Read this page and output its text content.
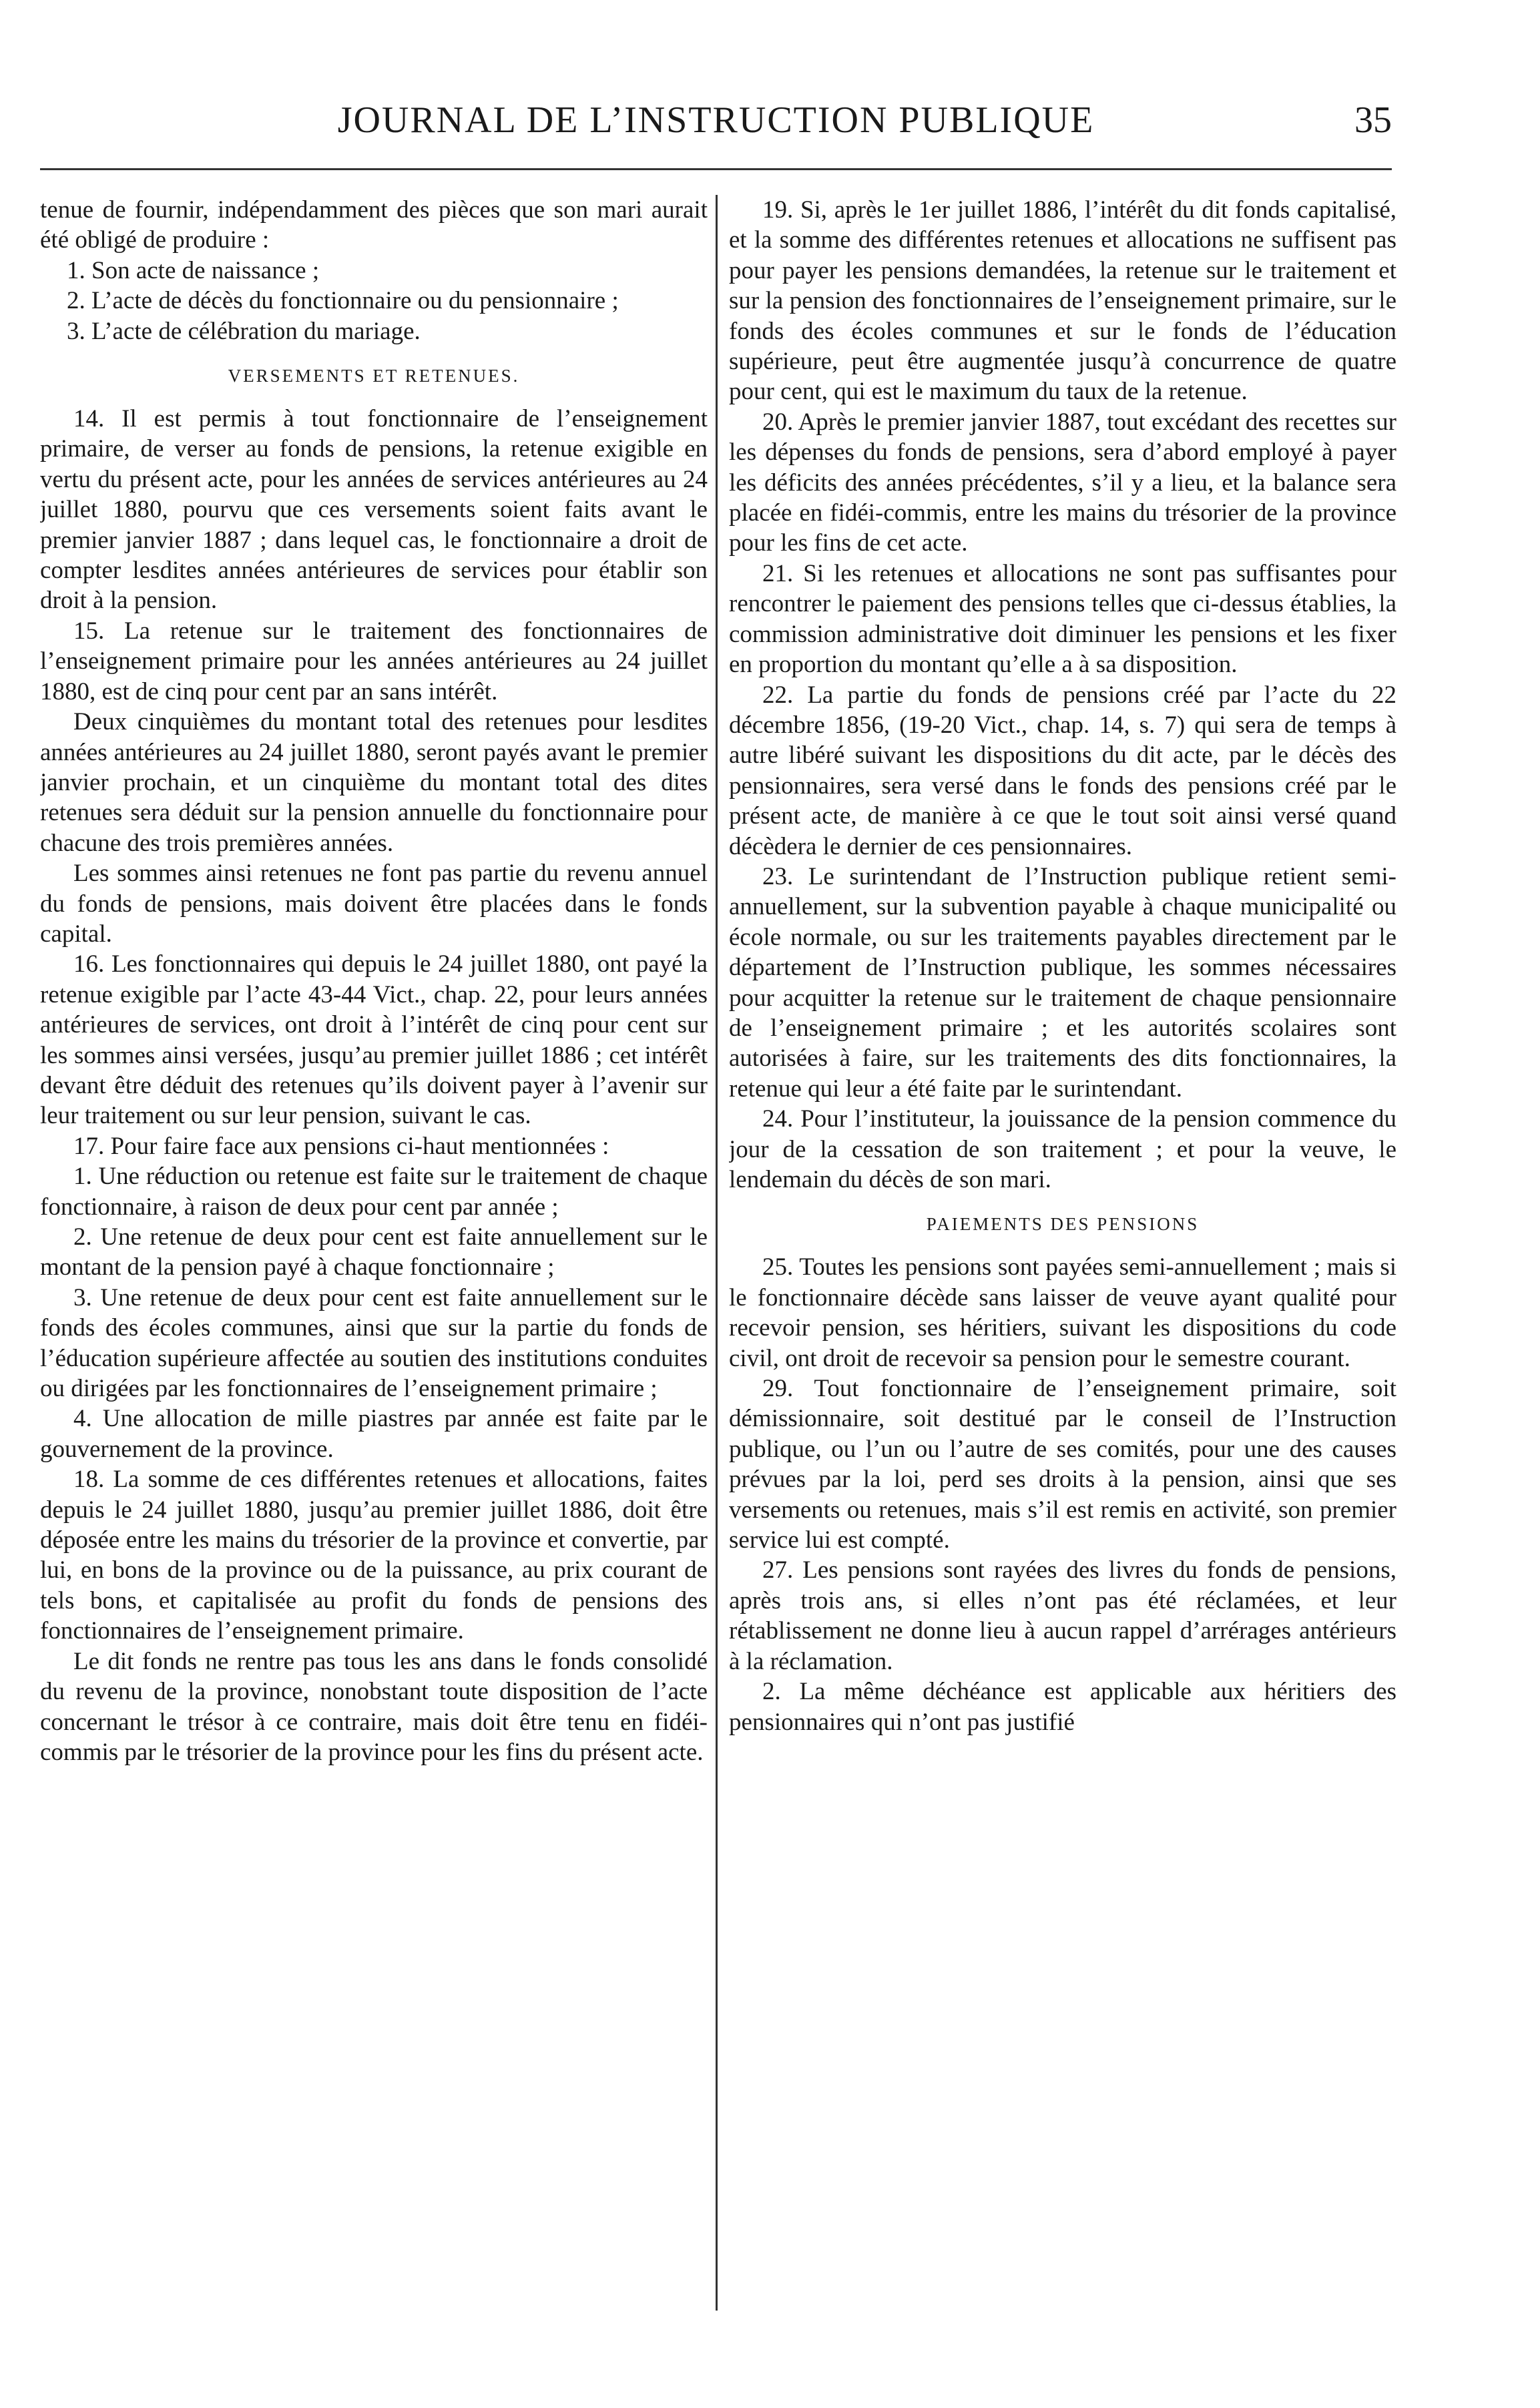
JOURNAL DE L’INSTRUCTION PUBLIQUE	35

tenue de fournir, indépendamment des pièces que son mari aurait été obligé de produire :

1. Son acte de naissance ;

2. L’acte de décès du fonctionnaire ou du pensionnaire ;

3. L’acte de célébration du mariage.

VERSEMENTS ET RETENUES.

14. Il est permis à tout fonctionnaire de l’enseignement primaire, de verser au fonds de pensions, la retenue exigible en vertu du présent acte, pour les années de services antérieures au 24 juillet 1880, pourvu que ces versements soient faits avant le premier janvier 1887 ; dans lequel cas, le fonctionnaire a droit de compter lesdites années antérieures de services pour établir son droit à la pension.

15. La retenue sur le traitement des fonctionnaires de l’enseignement primaire pour les années antérieures au 24 juillet 1880, est de cinq pour cent par an sans intérêt.

Deux cinquièmes du montant total des retenues pour lesdites années antérieures au 24 juillet 1880, seront payés avant le premier janvier prochain, et un cinquième du montant total des dites retenues sera déduit sur la pension annuelle du fonctionnaire pour chacune des trois premières années.

Les sommes ainsi retenues ne font pas partie du revenu annuel du fonds de pensions, mais doivent être placées dans le fonds capital.

16. Les fonctionnaires qui depuis le 24 juillet 1880, ont payé la retenue exigible par l’acte 43-44 Vict., chap. 22, pour leurs années antérieures de services, ont droit à l’intérêt de cinq pour cent sur les sommes ainsi versées, jusqu’au premier juillet 1886 ; cet intérêt devant être déduit des retenues qu’ils doivent payer à l’avenir sur leur traitement ou sur leur pension, suivant le cas.

17. Pour faire face aux pensions ci-haut mentionnées :

1. Une réduction ou retenue est faite sur le traitement de chaque fonctionnaire, à raison de deux pour cent par année ;

2. Une retenue de deux pour cent est faite annuellement sur le montant de la pension payé à chaque fonctionnaire ;

3. Une retenue de deux pour cent est faite annuellement sur le fonds des écoles communes, ainsi que sur la partie du fonds de l’éducation supérieure affectée au soutien des institutions conduites ou dirigées par les fonctionnaires de l’enseignement primaire ;

4. Une allocation de mille piastres par année est faite par le gouvernement de la province.

18. La somme de ces différentes retenues et allocations, faites depuis le 24 juillet 1880, jusqu’au premier juillet 1886, doit être déposée entre les mains du trésorier de la province et convertie, par lui, en bons de la province ou de la puissance, au prix courant de tels bons, et capitalisée au profit du fonds de pensions des fonctionnaires de l’enseignement primaire.

Le dit fonds ne rentre pas tous les ans dans le fonds consolidé du revenu de la province, nonobstant toute disposition de l’acte concernant le trésor à ce contraire, mais doit être tenu en fidéi-commis par le trésorier de la province pour les fins du présent acte.

19. Si, après le 1er juillet 1886, l’intérêt du dit fonds capitalisé, et la somme des différentes retenues et allocations ne suffisent pas pour payer les pensions demandées, la retenue sur le traitement et sur la pension des fonctionnaires de l’enseignement primaire, sur le fonds des écoles communes et sur le fonds de l’éducation supérieure, peut être augmentée jusqu’à concurrence de quatre pour cent, qui est le maximum du taux de la retenue.

20. Après le premier janvier 1887, tout excédant des recettes sur les dépenses du fonds de pensions, sera d’abord employé à payer les déficits des années précédentes, s’il y a lieu, et la balance sera placée en fidéi-commis, entre les mains du trésorier de la province pour les fins de cet acte.

21. Si les retenues et allocations ne sont pas suffisantes pour rencontrer le paiement des pensions telles que ci-dessus établies, la commission administrative doit diminuer les pensions et les fixer en proportion du montant qu’elle a à sa disposition.

22. La partie du fonds de pensions créé par l’acte du 22 décembre 1856, (19-20 Vict., chap. 14, s. 7) qui sera de temps à autre libéré suivant les dispositions du dit acte, par le décès des pensionnaires, sera versé dans le fonds des pensions créé par le présent acte, de manière à ce que le tout soit ainsi versé quand décèdera le dernier de ces pensionnaires.

23. Le surintendant de l’Instruction publique retient semi-annuellement, sur la subvention payable à chaque municipalité ou école normale, ou sur les traitements payables directement par le département de l’Instruction publique, les sommes nécessaires pour acquitter la retenue sur le traitement de chaque pensionnaire de l’enseignement primaire ; et les autorités scolaires sont autorisées à faire, sur les traitements des dits fonctionnaires, la retenue qui leur a été faite par le surintendant.

24. Pour l’instituteur, la jouissance de la pension commence du jour de la cessation de son traitement ; et pour la veuve, le lendemain du décès de son mari.

PAIEMENTS DES PENSIONS

25. Toutes les pensions sont payées semi-annuellement ; mais si le fonctionnaire décède sans laisser de veuve ayant qualité pour recevoir pension, ses héritiers, suivant les dispositions du code civil, ont droit de recevoir sa pension pour le semestre courant.

29. Tout fonctionnaire de l’enseignement primaire, soit démissionnaire, soit destitué par le conseil de l’Instruction publique, ou l’un ou l’autre de ses comités, pour une des causes prévues par la loi, perd ses droits à la pension, ainsi que ses versements ou retenues, mais s’il est remis en activité, son premier service lui est compté.

27. Les pensions sont rayées des livres du fonds de pensions, après trois ans, si elles n’ont pas été réclamées, et leur rétablissement ne donne lieu à aucun rappel d’arrérages antérieurs à la réclamation.

2. La même déchéance est applicable aux héritiers des pensionnaires qui n’ont pas justifié
